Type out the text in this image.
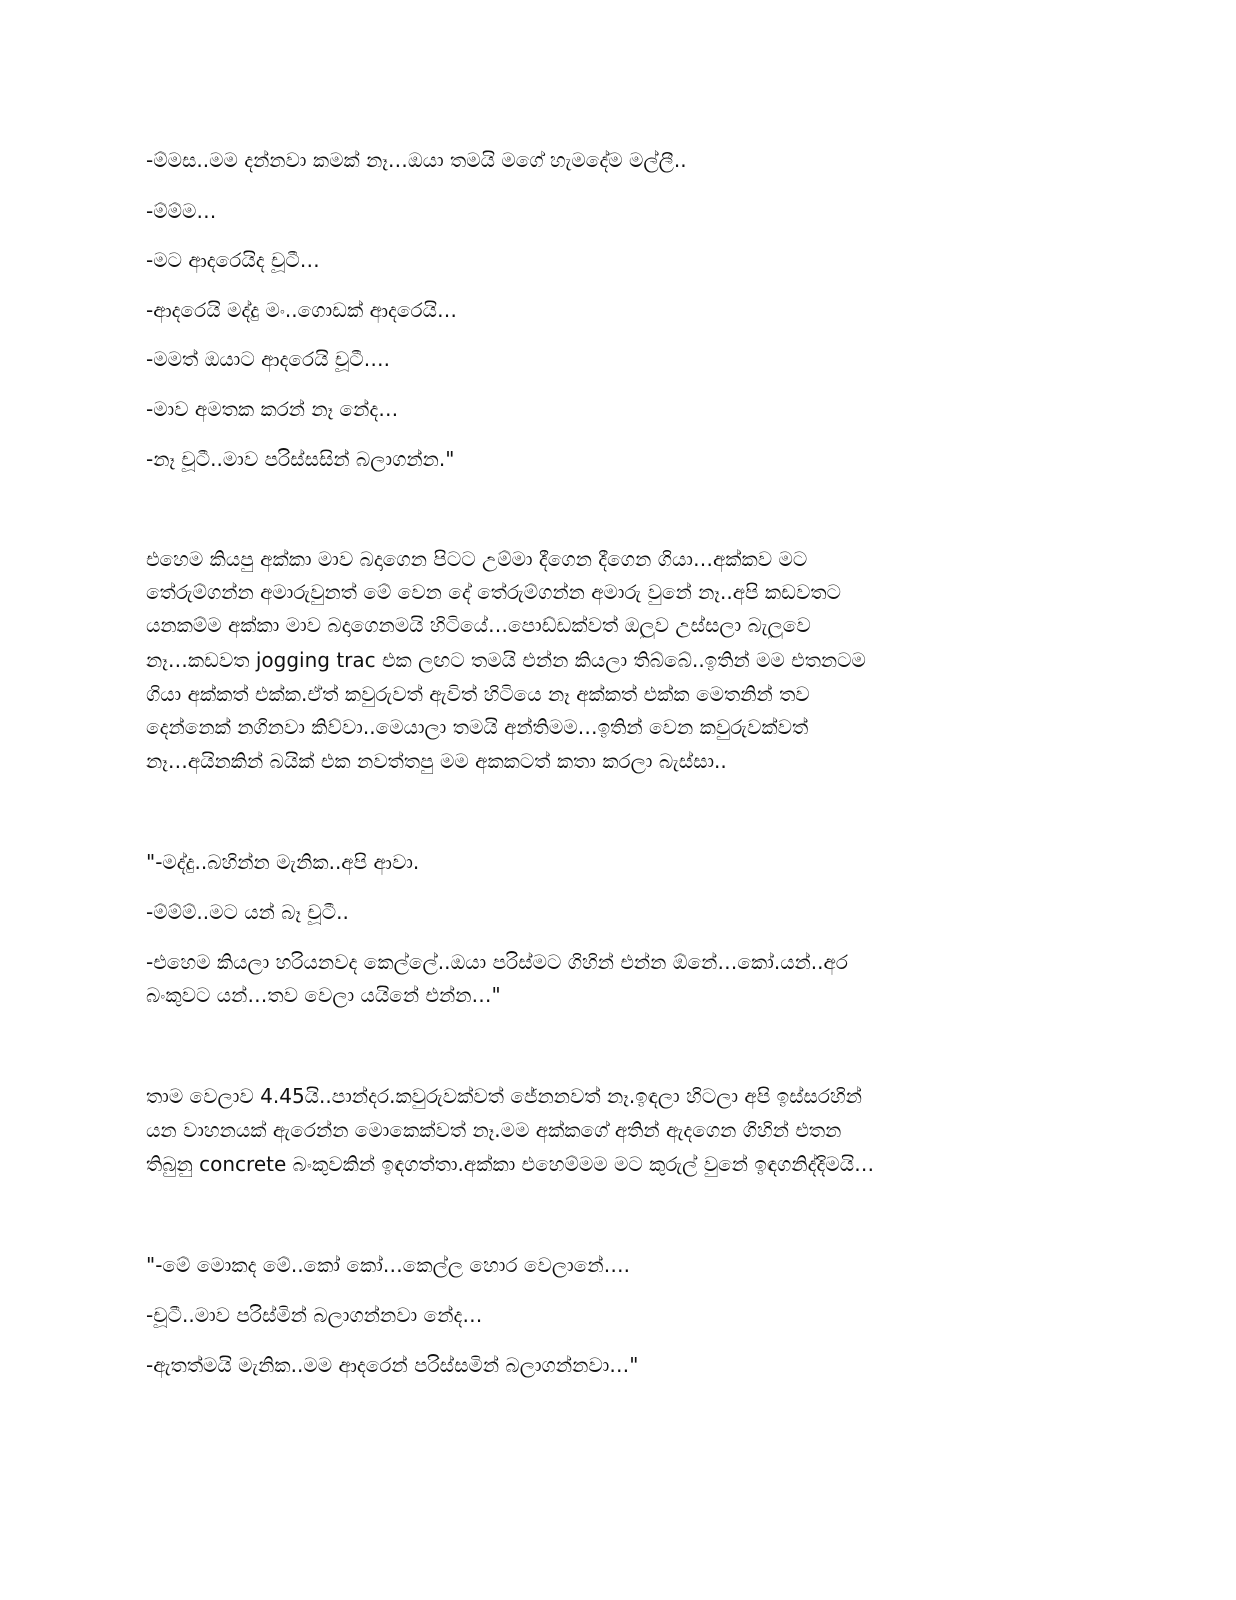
-ම්මස..මම දන්නවා කමක් නෑ…ඔයා තමයි මගේ හැමදේම මල්ලී..
-ම්ම්ම…
-මට ආදරෙයිද චූටී…
-ආදරෙයි මද්දු මං..ගොඩක් ආදරෙයි…
-මමත් ඔයාට ආදරෙයි චූටී….
-මාව අමතක කරන් නෑ නේද…
-නෑ චූටී..මාව පරිස්සසින් බලාගන්න."
එහෙම කියපු අක්කා මාව බදාගෙන පිටට උම්මා දීගෙන දීගෙන ගියා…අක්කව මට
තේරුම්ගන්න අමාරුවුනත් මේ වෙන දේ තේරුම්ගන්න අමාරු වුනේ නෑ..අපි කඩවතට
යනකම්ම අක්කා මාව බදාගෙනමයි හිටියේ…පොඩ්ඩක්වත් ඔලුව උස්සලා බැලුවෙ
නෑ…කඩවත jogging trac එක ලඟට තමයි එන්න කියලා තිබ්බේ..ඉතින් මම එතනටම
ගියා අක්කත් එක්ක.ඒත් කවුරුවත් ඇවිත් හිටියෙ නෑ අක්කත් එක්ක මෙතනින් තව
දෙන්නෙක් නගිනවා කිව්වා..මෙයාලා තමයි අන්තිමම…ඉතින් වෙන කවුරුවක්වත්
නෑ…අයිනකින් බයික් එක නවත්තපු මම අකකටත් කතා කරලා බැස්සා..
"-මද්දු..බහින්න මැනික..අපි ආවා.
-ම්ම්ම්..මට යන් බෑ චූටී..
-එහෙම කියලා හරියනවද කෙල්ලේ..ඔයා පරිස්මට ගිහින් එන්න ඕනේ…කෝ.යන්..අර
බංකුවට යන්…තව වෙලා යයිනේ එන්න…"
තාම වෙලාව 4.45යි..පාන්දර.කවුරුවක්වත් ජේනනවත් නෑ.ඉඳලා හිටලා අපි ඉස්සරහින්
යන වාහනයක් ඇරෙන්න මොකෙක්වත් නෑ.මම අක්කගේ අතින් ඇදගෙන ගිහින් එතන
තිබුනු concrete බංකුවකින් ඉඳගත්තා.අක්කා එහෙම්මම මට කුරුල් වුනේ ඉඳගනිද්දිමයි…
"-මේ මොකද මේ..කෝ කෝ…කෙල්ල හොර වෙලානේ….
-චූටී..මාව පරිස්මින් බලාගන්නවා නේද…
-ඇතත්මයි මැනික..මම ආදරෙන් පරිස්සමින් බලාගන්නවා…"
